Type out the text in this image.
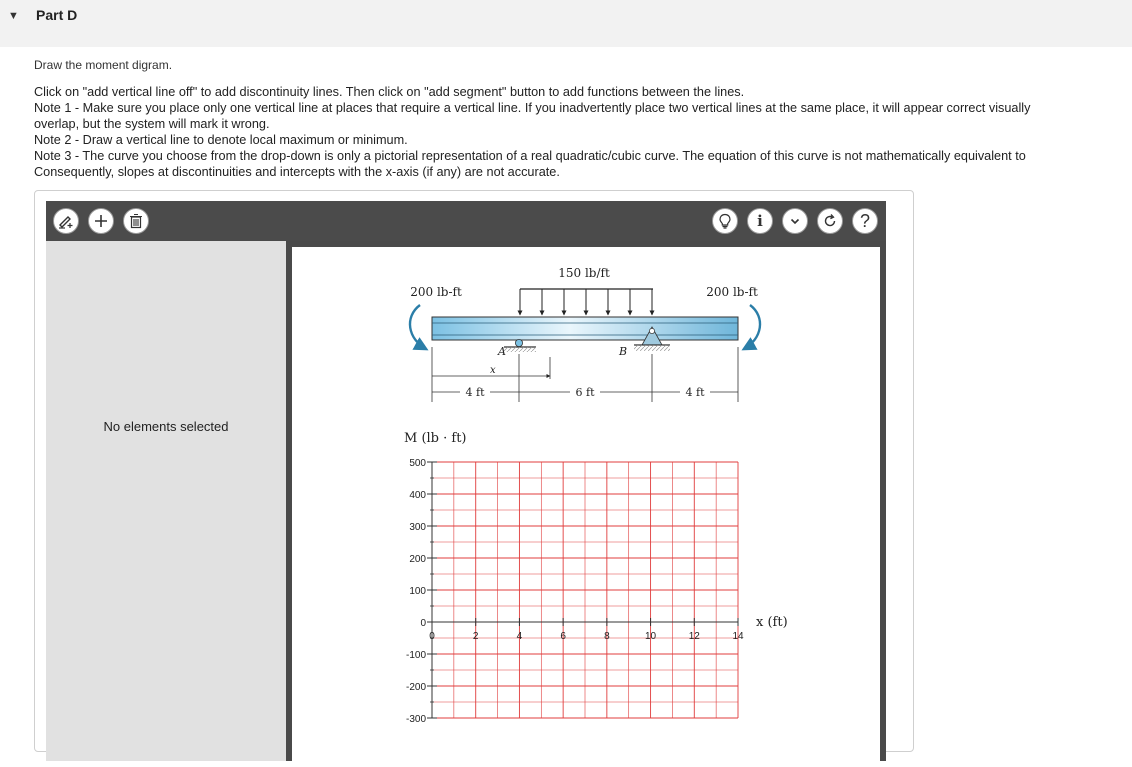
▼ Part D
Draw the moment digram.
Click on "add vertical line off" to add discontinuity lines. Then click on "add segment" button to add functions between the lines.
Note 1 - Make sure you place only one vertical line at places that require a vertical line. If you inadvertently place two vertical lines at the same place, it will appear correct visually
overlap, but the system will mark it wrong.
Note 2 - Draw a vertical line to denote local maximum or minimum.
Note 3 - The curve you choose from the drop-down is only a pictorial representation of a real quadratic/cubic curve. The equation of this curve is not mathematically equivalent to
Consequently, slopes at discontinuities and intercepts with the x-axis (if any) are not accurate.
i	?
No elements selected
150 lb/ft
200 lb-ft	200 lb-ft
A	B
x
4 ft	6 ft	4 ft
M (lb · ft)
x (ft)
500
400
300
200
100
0
-100
-200
-300
0	2	4	6	8	10	12	14
